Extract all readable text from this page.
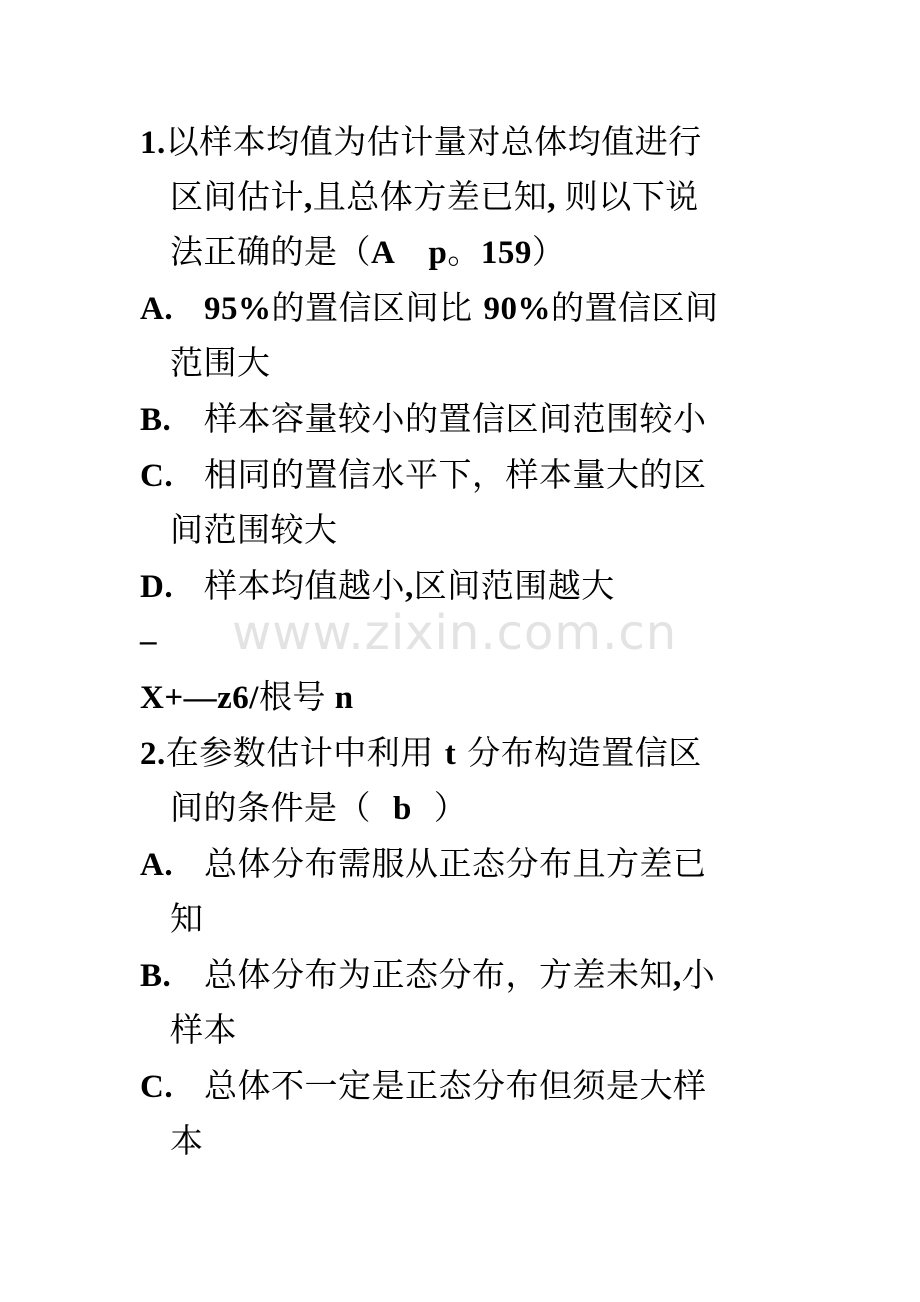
1.以样本均值为估计量对总体均值进行
区间估计,且总体方差已知, 则以下说
法正确的是（A    p。159）
A. 95%的置信区间比 90%的置信区间
范围大
B. 样本容量较小的置信区间范围较小
C. 相同的置信水平下，样本量大的区
间范围较大
D. 样本均值越小,区间范围越大
www.zixin.com.cn
_
X+—z6/根号 n
2.在参数估计中利用 t 分布构造置信区
间的条件是（  b  ）
A. 总体分布需服从正态分布且方差已
知
B. 总体分布为正态分布，方差未知,小
样本
C. 总体不一定是正态分布但须是大样
本
